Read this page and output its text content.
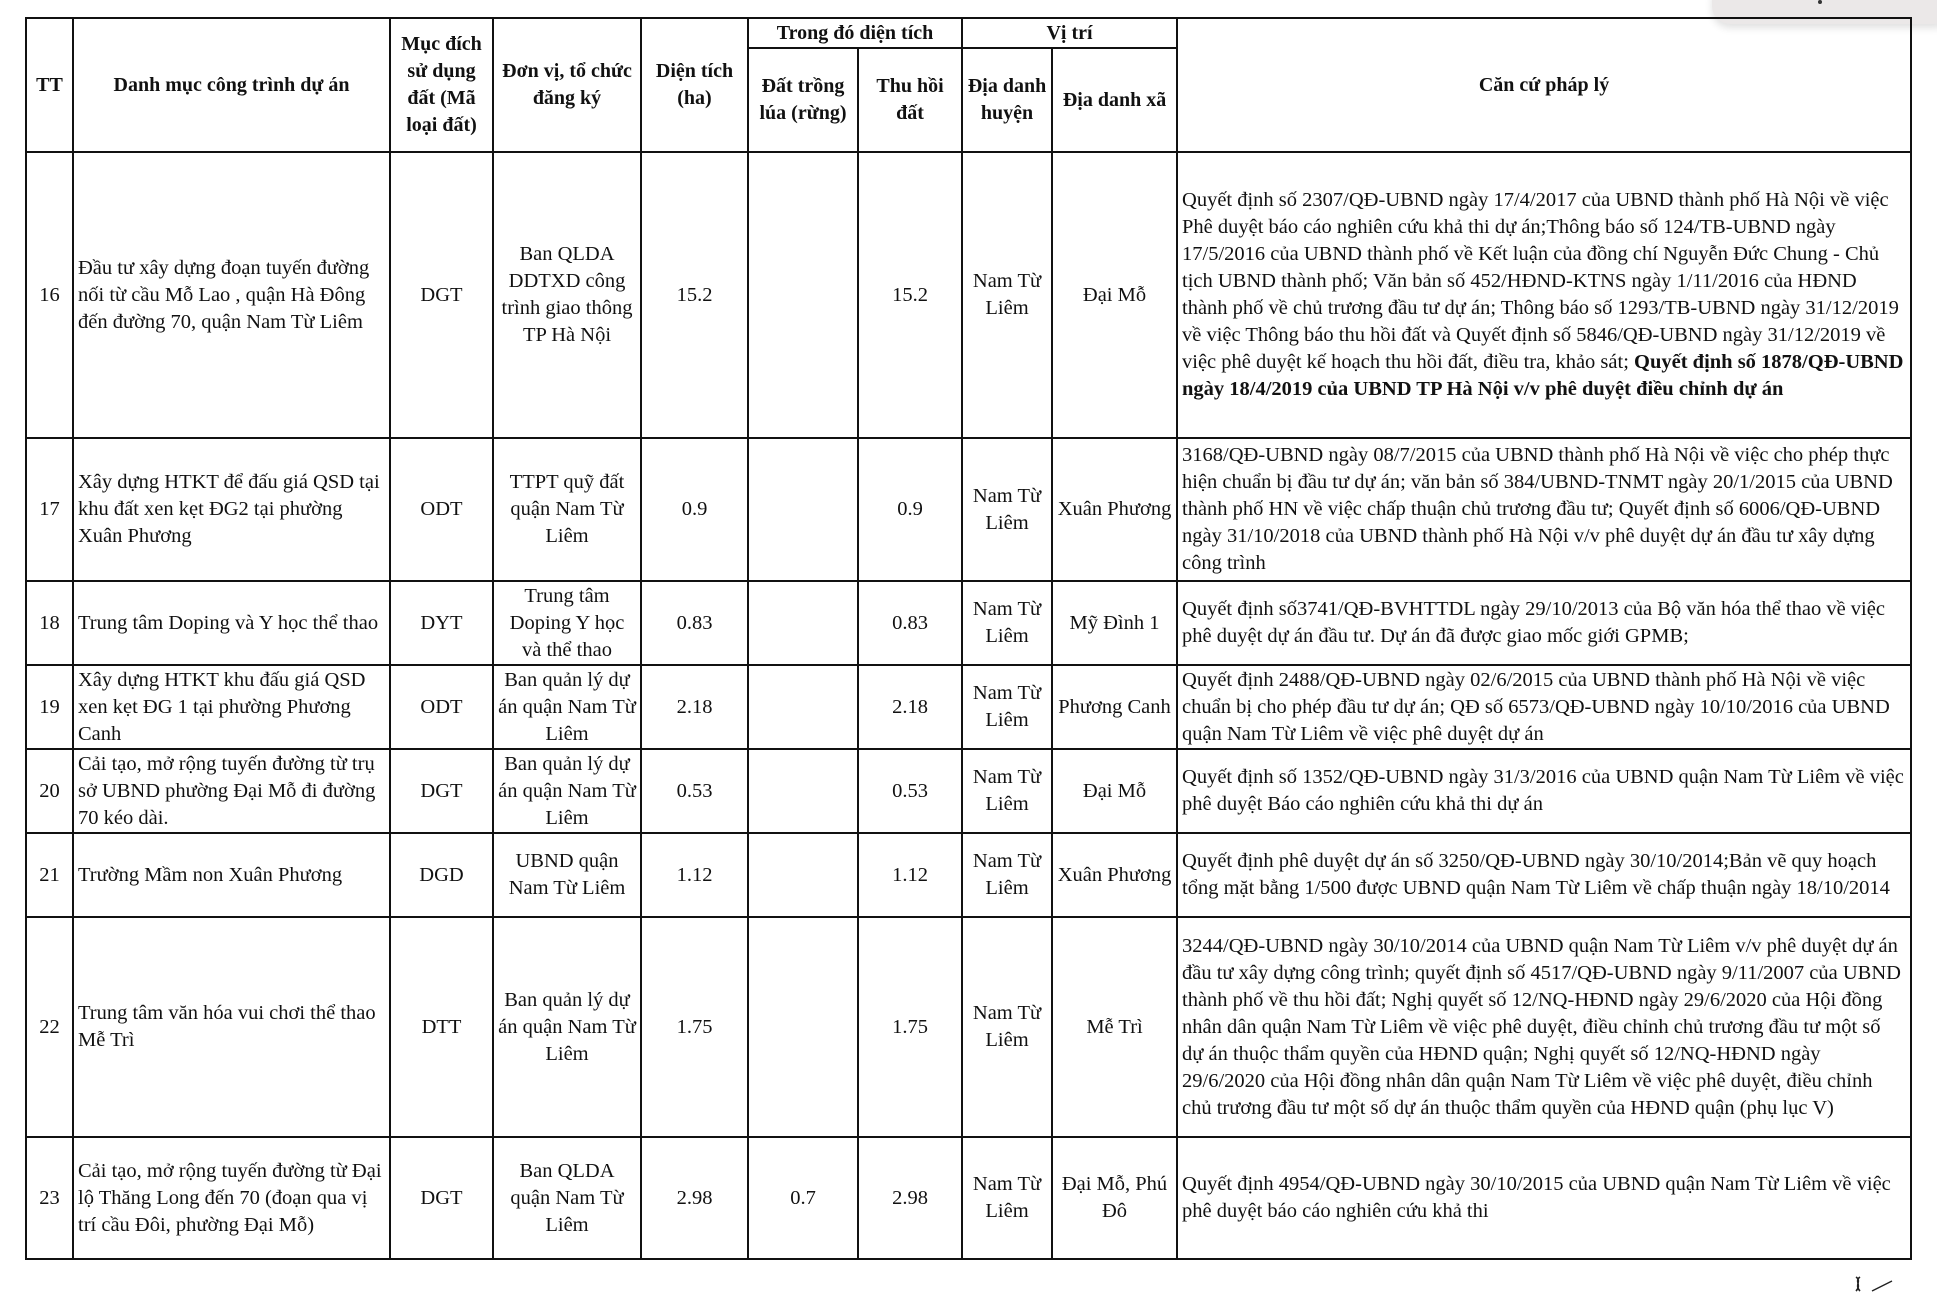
TT	Danh mục công trình dự án	Mục đích sử dụng đất (Mã loại đất)	Đơn vị, tổ chức đăng ký	Diện tích (ha)	Trong đó diện tích		Vị trí		Căn cứ pháp lý
					Đất trồng lúa (rừng)	Thu hồi đất	Địa danh huyện	Địa danh xã	
16	Đầu tư xây dựng đoạn tuyến đường nối từ cầu Mỗ Lao , quận Hà Đông đến đường 70, quận Nam Từ Liêm	DGT	Ban QLDA DDTXD công trình giao thông TP Hà Nội	15.2		15.2	Nam Từ Liêm	Đại Mỗ	Quyết định số 2307/QĐ-UBND ngày 17/4/2017 của UBND thành phố Hà Nội về việc Phê duyệt báo cáo nghiên cứu khả thi dự án;Thông báo số 124/TB-UBND ngày 17/5/2016 của UBND thành phố về Kết luận của đồng chí Nguyễn Đức Chung - Chủ tịch UBND thành phố; Văn bản số 452/HĐND-KTNS ngày 1/11/2016 của HĐND thành phố về chủ trương đầu tư dự án; Thông báo số 1293/TB-UBND ngày 31/12/2019 về việc Thông báo thu hồi đất và Quyết định số 5846/QĐ-UBND ngày 31/12/2019 về việc phê duyệt kế hoạch thu hồi đất, điều tra, khảo sát; Quyết định số 1878/QĐ-UBND ngày 18/4/2019 của UBND TP Hà Nội v/v phê duyệt điều chỉnh dự án
17	Xây dựng HTKT để đấu giá QSD tại khu đất xen kẹt ĐG2 tại phường Xuân Phương	ODT	TTPT quỹ đất quận Nam Từ Liêm	0.9		0.9	Nam Từ Liêm	Xuân Phương	3168/QĐ-UBND ngày 08/7/2015 của UBND thành phố Hà Nội về việc cho phép thực hiện chuẩn bị đầu tư dự án; văn bản số 384/UBND-TNMT ngày 20/1/2015 của UBND thành phố HN về việc chấp thuận chủ trương đầu tư; Quyết định số 6006/QĐ-UBND ngày 31/10/2018 của UBND thành phố Hà Nội v/v phê duyệt dự án đầu tư xây dựng công trình
18	Trung tâm Doping và Y học thể thao	DYT	Trung tâm Doping Y học và thể thao	0.83		0.83	Nam Từ Liêm	Mỹ Đình 1	Quyết định số3741/QĐ-BVHTTDL ngày 29/10/2013 của Bộ văn hóa thể thao về việc phê duyệt dự án đầu tư. Dự án đã được giao mốc giới GPMB;
19	Xây dựng HTKT khu đấu giá QSD xen kẹt ĐG 1 tại phường Phương Canh	ODT	Ban quản lý dự án quận Nam Từ Liêm	2.18		2.18	Nam Từ Liêm	Phương Canh	Quyết định 2488/QĐ-UBND ngày 02/6/2015 của UBND thành phố Hà Nội về việc chuẩn bị cho phép đầu tư dự án; QĐ số 6573/QĐ-UBND ngày 10/10/2016 của UBND quận Nam Từ Liêm về việc phê duyệt dự án
20	Cải tạo, mở rộng tuyến đường từ trụ sở UBND phường Đại Mỗ đi đường 70 kéo dài.	DGT	Ban quản lý dự án quận Nam Từ Liêm	0.53		0.53	Nam Từ Liêm	Đại Mỗ	Quyết định số 1352/QĐ-UBND ngày 31/3/2016 của UBND quận Nam Từ Liêm về việc phê duyệt Báo cáo nghiên cứu khả thi dự án
21	Trường Mầm non Xuân Phương	DGD	UBND quận Nam Từ Liêm	1.12		1.12	Nam Từ Liêm	Xuân Phương	Quyết định phê duyệt dự án số 3250/QĐ-UBND ngày 30/10/2014;Bản vẽ quy hoạch tổng mặt bằng 1/500 được UBND quận Nam Từ Liêm về chấp thuận ngày 18/10/2014
22	Trung tâm văn hóa vui chơi thể thao Mễ Trì	DTT	Ban quản lý dự án quận Nam Từ Liêm	1.75		1.75	Nam Từ Liêm	Mễ Trì	3244/QĐ-UBND ngày 30/10/2014 của UBND quận Nam Từ Liêm v/v phê duyệt dự án đầu tư xây dựng công trình; quyết định số 4517/QĐ-UBND ngày 9/11/2007 của UBND thành phố về thu hồi đất; Nghị quyết số 12/NQ-HĐND ngày 29/6/2020 của Hội đồng nhân dân quận Nam Từ Liêm về việc phê duyệt, điều chỉnh chủ trương đầu tư một số dự án thuộc thẩm quyền của HĐND quận; Nghị quyết số 12/NQ-HĐND ngày 29/6/2020 của Hội đồng nhân dân quận Nam Từ Liêm về việc phê duyệt, điều chỉnh chủ trương đầu tư một số dự án thuộc thẩm quyền của HĐND quận (phụ lục V)
23	Cải tạo, mở rộng tuyến đường từ Đại lộ Thăng Long đến 70 (đoạn qua vị trí cầu Đôi, phường Đại Mỗ)	DGT	Ban QLDA quận Nam Từ Liêm	2.98	0.7	2.98	Nam Từ Liêm	Đại Mỗ, Phú Đô	Quyết định 4954/QĐ-UBND ngày 30/10/2015 của UBND quận Nam Từ Liêm về việc phê duyệt báo cáo nghiên cứu khả thi
